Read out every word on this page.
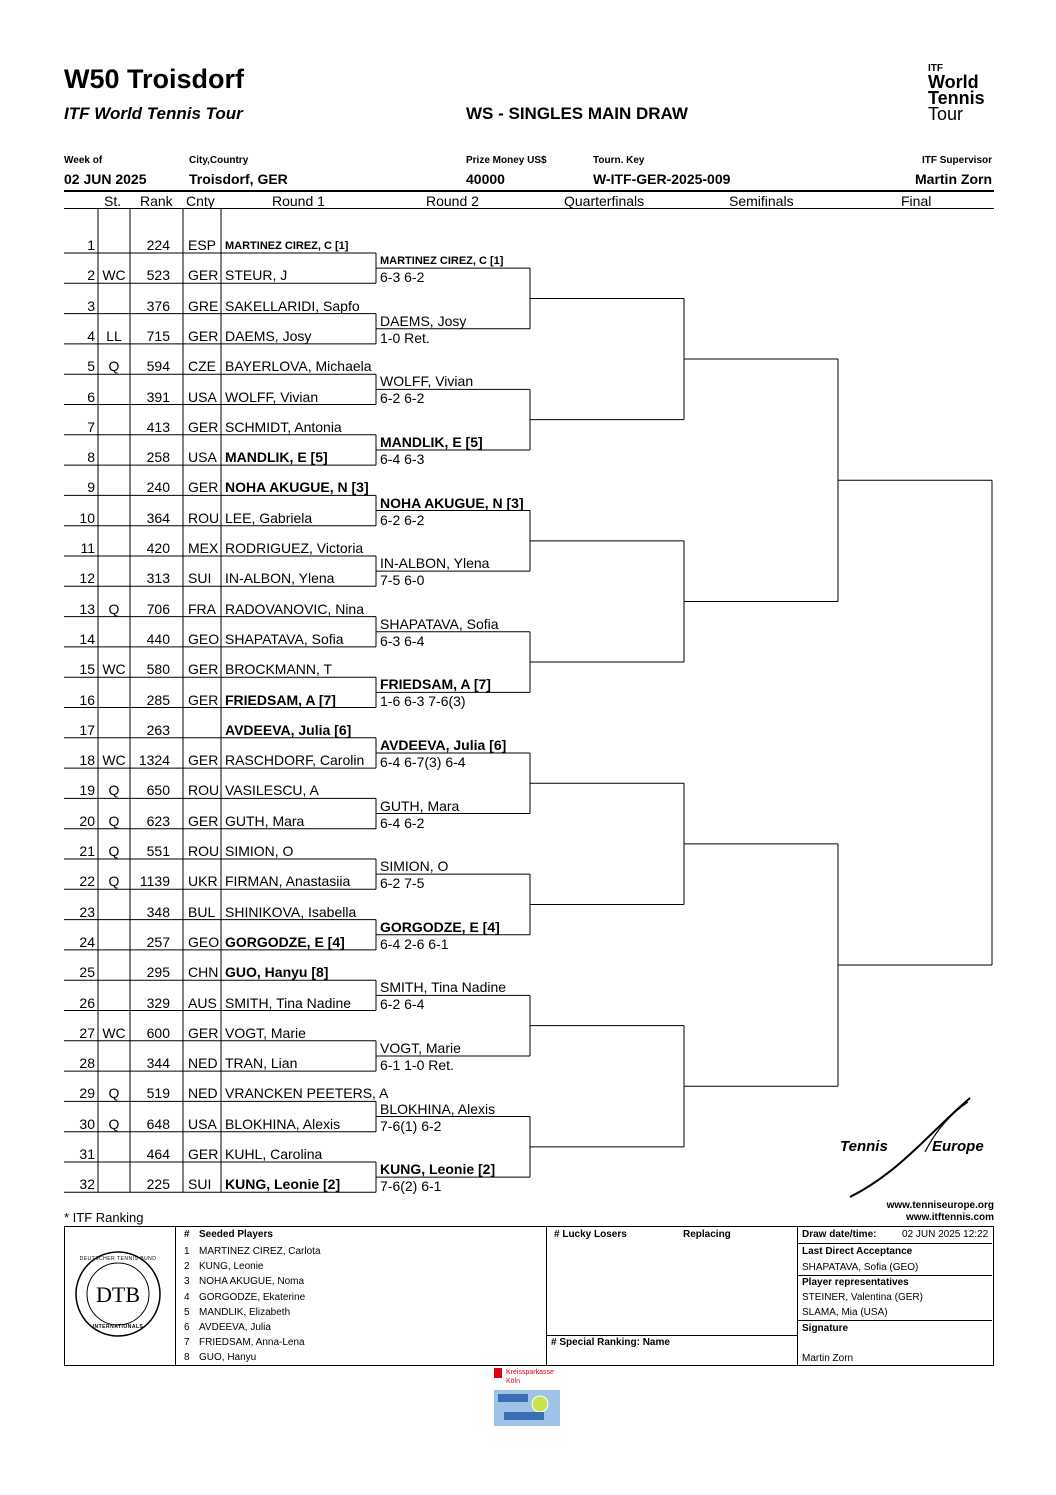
W50 Troisdorf
ITF World Tennis Tour	WS - SINGLES MAIN DRAW
ITF
World
Tennis
Tour
Week of
02 JUN 2025
City,Country
Troisdorf, GER
Prize Money US$
40000
Tourn. Key
W-ITF-GER-2025-009
ITF Supervisor
Martin Zorn
St. Rank Cnty	Round 1	Round 2	Quarterfinals	Semifinals	Final
1	224 ESP MARTINEZ CIREZ, C [1]
2 WC 523 GER STEUR, J
3	376 GRE SAKELLARIDI, Sapfo
4 LL	715 GER DAEMS, Josy
5 Q	594 CZE BAYERLOVA, Michaela
6	391 USA WOLFF, Vivian
7	413 GER SCHMIDT, Antonia
8	258 USA MANDLIK, E [5]
9	240 GER NOHA AKUGUE, N [3]
10	364 ROU LEE, Gabriela
11	420 MEX RODRIGUEZ, Victoria
12	313 SUI IN-ALBON, Ylena
13 Q	706 FRA RADOVANOVIC, Nina
14	440 GEO SHAPATAVA, Sofia
15 WC 580 GER BROCKMANN, T
16	285 GER FRIEDSAM, A [7]
17	263	AVDEEVA, Julia [6]
18 WC 1324 GER RASCHDORF, Carolin
19 Q	650 ROU VASILESCU, A
20 Q	623 GER GUTH, Mara
21 Q	551 ROU SIMION, O
22 Q	1139 UKR FIRMAN, Anastasiia
23	348 BUL SHINIKOVA, Isabella
24	257 GEO GORGODZE, E [4]
25	295 CHN GUO, Hanyu [8]
26	329 AUS SMITH, Tina Nadine
27 WC 600 GER VOGT, Marie
28	344 NED TRAN, Lian
29 Q	519 NED VRANCKEN PEETERS, A
30 Q	648 USA BLOKHINA, Alexis
31	464 GER KUHL, Carolina
32	225 SUI KUNG, Leonie [2]
MARTINEZ CIREZ, C [1]
6-3 6-2
DAEMS, Josy
1-0 Ret.
WOLFF, Vivian
6-2 6-2
MANDLIK, E [5]
6-4 6-3
NOHA AKUGUE, N [3]
6-2 6-2
IN-ALBON, Ylena
7-5 6-0
SHAPATAVA, Sofia
6-3 6-4
FRIEDSAM, A [7]
1-6 6-3 7-6(3)
AVDEEVA, Julia [6]
6-4 6-7(3) 6-4
GUTH, Mara
6-4 6-2
SIMION, O
6-2 7-5
GORGODZE, E [4]
6-4 2-6 6-1
SMITH, Tina Nadine
6-2 6-4
VOGT, Marie
6-1 1-0 Ret.
BLOKHINA, Alexis
7-6(1) 6-2
KUNG, Leonie [2]
7-6(2) 6-1
Tennis	Europe
www.tenniseurope.org
www.itftennis.com
* ITF Ranking
DEUTSCHER TENNIS BUND
DTB
INTERNATIONALS
# Seeded Players
1 MARTINEZ CIREZ, Carlota
2 KUNG, Leonie
3 NOHA AKUGUE, Noma
4 GORGODZE, Ekaterine
5 MANDLIK, Elizabeth
6 AVDEEVA, Julia
7 FRIEDSAM, Anna-Lena
8 GUO, Hanyu
# Lucky Losers	Replacing
# Special Ranking: Name
Draw date/time:	02 JUN 2025 12:22
Last Direct Acceptance
SHAPATAVA, Sofia (GEO)
Player representatives
STEINER, Valentina (GER)
SLAMA, Mia (USA)
Signature
Martin Zorn
Kreissparkasse
Köln
